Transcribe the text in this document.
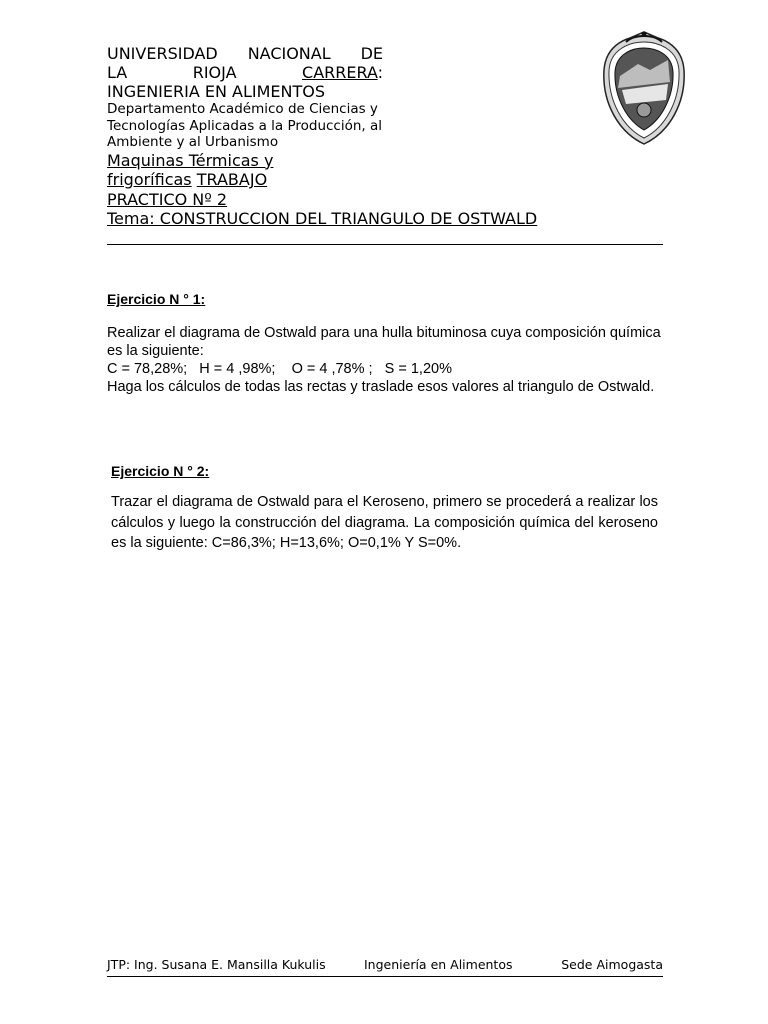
UNIVERSIDAD NACIONAL DE
LA	RIOJA	CARRERA:
INGENIERIA EN ALIMENTOS
Departamento Académico de Ciencias y Tecnologías Aplicadas a la Producción, al Ambiente y al Urbanismo
Maquinas Térmicas y
frigoríficas TRABAJO
PRACTICO Nº 2
Tema: CONSTRUCCION DEL TRIANGULO DE OSTWALD
Ejercicio N ° 1:

Realizar el diagrama de Ostwald para una hulla bituminosa cuya composición química es la siguiente:

C = 78,28%;   H = 4 ,98%;    O = 4 ,78% ;   S = 1,20%

Haga los cálculos de todas las rectas y traslade esos valores al triangulo de Ostwald.

Ejercicio N ° 2:
Trazar el diagrama de Ostwald para el Keroseno, primero se procederá a realizar los cálculos y luego la construcción del diagrama. La composición química del keroseno es la siguiente: C=86,3%; H=13,6%; O=0,1% Y S=0%.
JTP: Ing. Susana E. Mansilla Kukulis	Ingeniería en Alimentos	Sede Aimogasta
